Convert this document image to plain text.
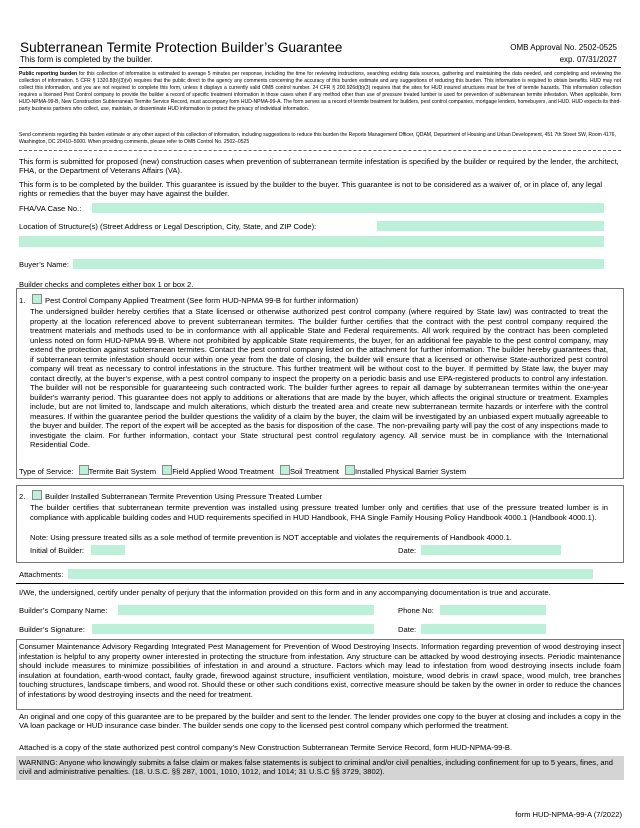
Subterranean Termite Protection Builder’s Guarantee
This form is completed by the builder.
OMB Approval No. 2502-0525
exp. 07/31/2027
Public reporting burden for this collection of information is estimated to average 5 minutes per response, including the time for reviewing instructions, searching existing data sources, gathering and maintaining the data needed, and completing and reviewing the collection of information. 5 CFR § 1320.8(b)(3)(vi) requires that the public direct to the agency any comments concerning the accuracy of this burden estimate and any suggestions of reducing this burden. This information is required to obtain benefits. HUD may not collect this information, and you are not required to complete this form, unless it displays a currently valid OMB control number. 24 CFR § 200.926d(b)(3) requires that the sites for HUD insured structures must be free of termite hazards. This information collection requires a licensed Pest Control company to provide the builder a record of specific treatment information in those cases when if any method other than use of pressure treated lumber is used for prevention of subterranean termite infestation. When applicable, form HUD-NPMA-99-B, New Construction Subterranean Termite Service Record, must accompany form HUD-NPMA-99-A. The form serves as a record of termite treatment for builders, pest control companies, mortgage lenders, homebuyers, and HUD. HUD expects its third-party business partners who collect, use, maintain, or disseminate HUD information to protect the privacy of individual information.
Send comments regarding this burden estimate or any other aspect of this collection of information, including suggestions to reduce this burden the Reports Management Officer, QDAM, Department of Housing and Urban Development, 451 7th Street SW, Room 4176, Washington, DC 20410–5000. When providing comments, please refer to OMB Control No. 2502–0525
This form is submitted for proposed (new) construction cases when prevention of subterranean termite infestation is specified by the builder or required by the lender, the architect, FHA, or the Department of Veterans Affairs (VA).
This form is to be completed by the builder. This guarantee is issued by the builder to the buyer. This guarantee is not to be considered as a waiver of, or in place of, any legal rights or remedies that the buyer may have against the builder.
FHA/VA Case No.:
Location of Structure(s) (Street Address or Legal Description, City, State, and ZIP Code):
Buyer’s Name:
Builder checks and completes either box 1 or box 2.
1.	Pest Control Company Applied Treatment (See form HUD-NPMA 99-B for further information)
The undersigned builder hereby certifies that a State licensed or otherwise authorized pest control company (where required by State law) was contracted to treat the property at the location referenced above to prevent subterranean termites. The builder further certifies that the contract with the pest control company required the treatment materials and methods used to be in conformance with all applicable State and Federal requirements. All work required by the contract has been completed unless noted on form HUD-NPMA 99-B. Where not prohibited by applicable State requirements, the buyer, for an additional fee payable to the pest control company, may extend the protection against subterranean termites. Contact the pest control company listed on the attachment for further information. The builder hereby guarantees that, if subterranean termite infestation should occur within one year from the date of closing, the builder will ensure that a licensed or otherwise State-authorized pest control company will treat as necessary to control infestations in the structure. This further treatment will be without cost to the buyer. If permitted by State law, the buyer may contact directly, at the buyer’s expense, with a pest control company to inspect the property on a periodic basis and use EPA-registered products to control any infestation. The builder will not be responsible for guaranteeing such contracted work. The builder further agrees to repair all damage by subterranean termites within the one-year builder's warranty period. This guarantee does not apply to additions or alterations that are made by the buyer, which affects the original structure or treatment. Examples include, but are not limited to, landscape and mulch alterations, which disturb the treated area and create new subterranean termite hazards or interfere with the control measures. If within the guarantee period the builder questions the validity of a claim by the buyer, the claim will be investigated by an unbiased expert mutually agreeable to the buyer and builder. The report of the expert will be accepted as the basis for disposition of the case. The non-prevailing party will pay the cost of any inspections made to investigate the claim. For further information, contact your State structural pest control regulatory agency. All service must be in compliance with the International Residential Code.
Type of Service: Termite Bait System Field Applied Wood Treatment Soil Treatment Installed Physical Barrier System
2.	Builder Installed Subterranean Termite Prevention Using Pressure Treated Lumber
The builder certifies that subterranean termite prevention was installed using pressure treated lumber only and certifies that use of the pressure treated lumber is in compliance with applicable building codes and HUD requirements specified in HUD Handbook, FHA Single Family Housing Policy Handbook 4000.1 (Handbook 4000.1).
Note: Using pressure treated sills as a sole method of termite prevention is NOT acceptable and violates the requirements of Handbook 4000.1.
Initial of Builder:	Date:
Attachments:
I/We, the undersigned, certify under penalty of perjury that the information provided on this form and in any accompanying documentation is true and accurate.
Builder’s Company Name:	Phone No:
Builder’s Signature:	Date:
Consumer Maintenance Advisory Regarding Integrated Pest Management for Prevention of Wood Destroying Insects. Information regarding prevention of wood destroying insect infestation is helpful to any property owner interested in protecting the structure from infestation. Any structure can be attacked by wood destroying insects. Periodic maintenance should include measures to minimize possibilities of infestation in and around a structure. Factors which may lead to infestation from wood destroying insects include foam insulation at foundation, earth-wood contact, faulty grade, firewood against structure, insufficient ventilation, moisture, wood debris in crawl space, wood mulch, tree branches touching structures, landscape timbers, and wood rot. Should these or other such conditions exist, corrective measure should be taken by the owner in order to reduce the chances of infestations by wood destroying insects and the need for treatment.
An original and one copy of this guarantee are to be prepared by the builder and sent to the lender. The lender provides one copy to the buyer at closing and includes a copy in the VA loan package or HUD insurance case binder. The builder sends one copy to the licensed pest control company which performed the treatment.
Attached is a copy of the state authorized pest control company’s New Construction Subterranean Termite Service Record, form HUD-NPMA-99-B.
WARNING: Anyone who knowingly submits a false claim or makes false statements is subject to criminal and/or civil penalties, including confinement for up to 5 years, fines, and civil and administrative penalties. (18. U.S.C. §§ 287, 1001, 1010, 1012, and 1014; 31 U.S.C §§ 3729, 3802).
form HUD-NPMA-99-A (7/2022)
